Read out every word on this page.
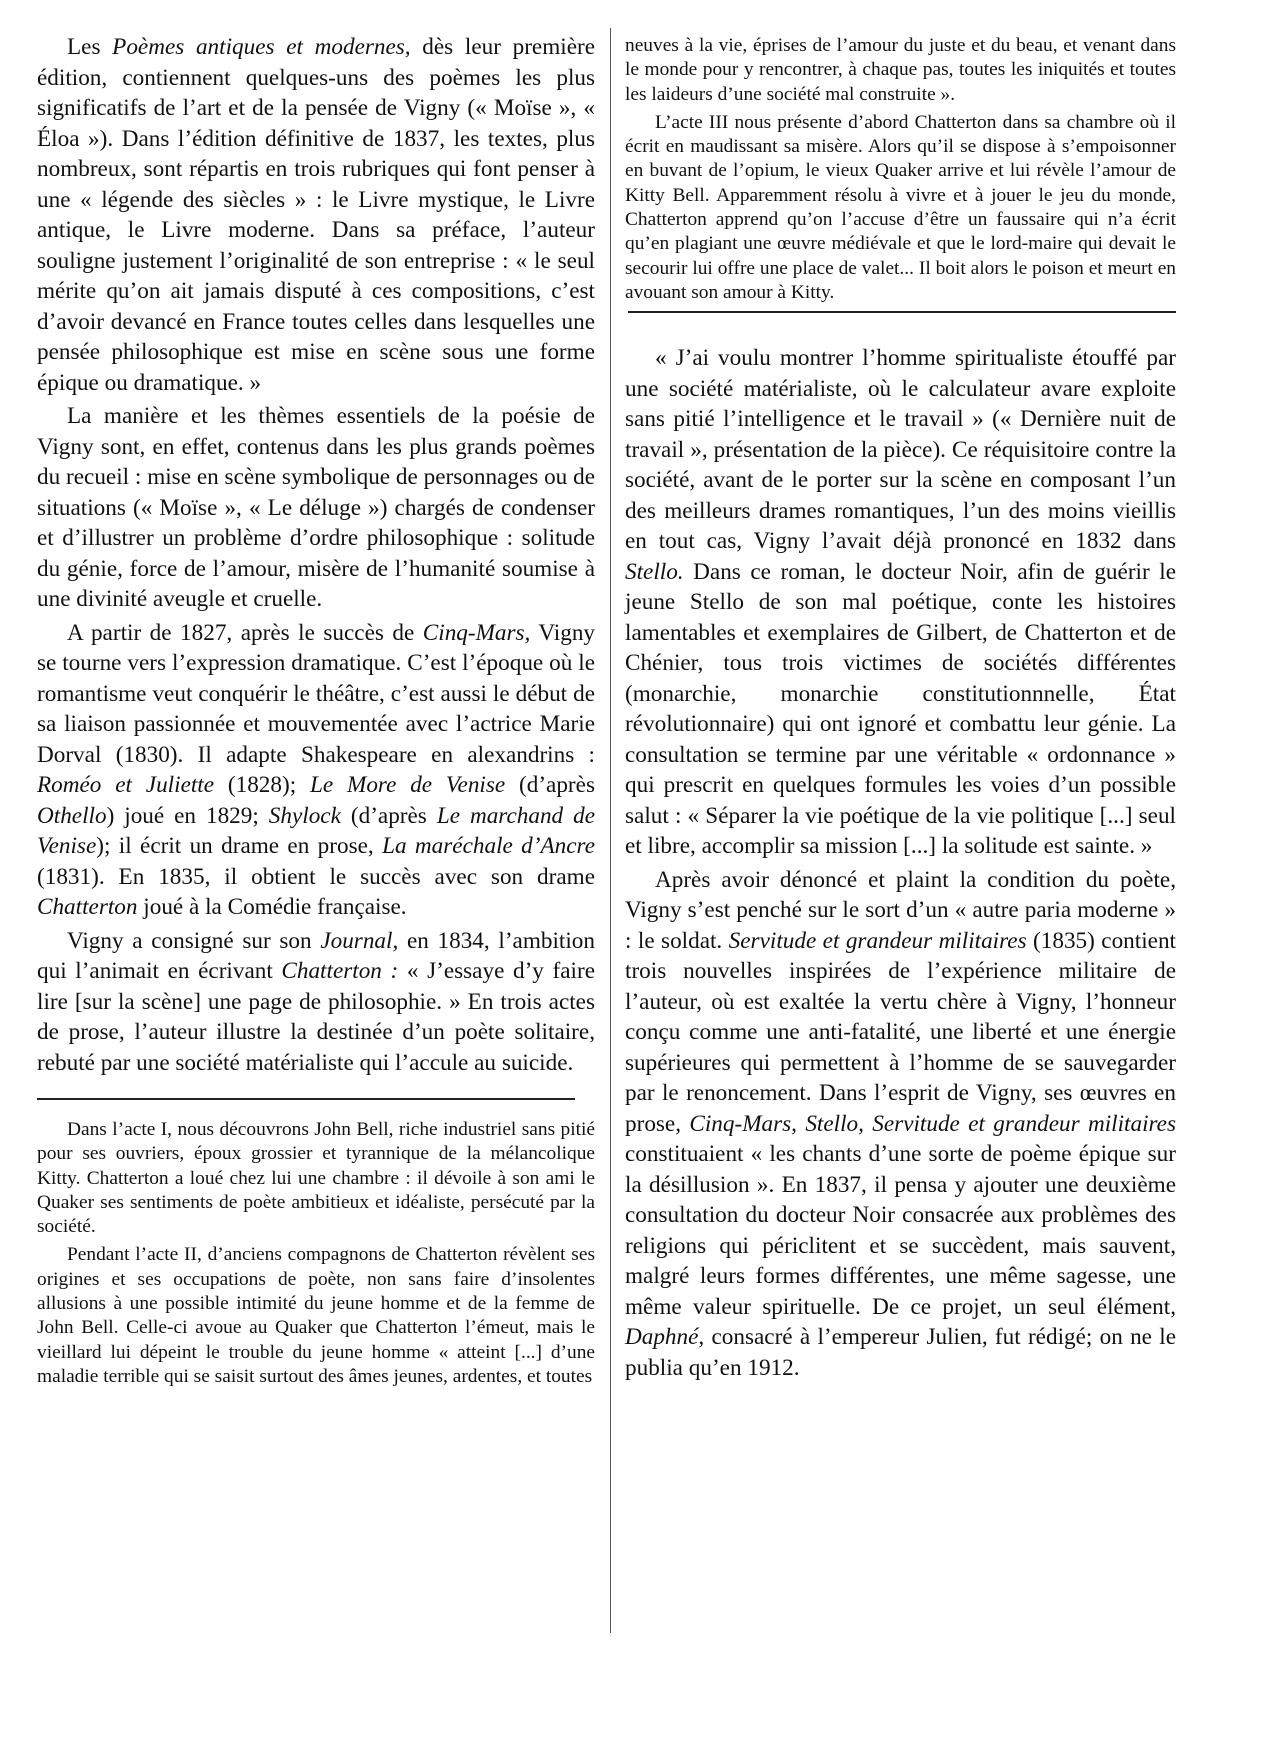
Les Poèmes antiques et modernes, dès leur première édition, contiennent quelques-uns des poèmes les plus significatifs de l’art et de la pensée de Vigny (« Moïse », « Éloa »). Dans l’édition définitive de 1837, les textes, plus nombreux, sont répartis en trois rubriques qui font penser à une « légende des siècles » : le Livre mystique, le Livre antique, le Livre moderne. Dans sa préface, l’auteur souligne justement l’originalité de son entreprise : « le seul mérite qu’on ait jamais disputé à ces compositions, c’est d’avoir devancé en France toutes celles dans lesquelles une pensée philosophique est mise en scène sous une forme épique ou dramatique. »

La manière et les thèmes essentiels de la poésie de Vigny sont, en effet, contenus dans les plus grands poèmes du recueil : mise en scène symbolique de personnages ou de situations (« Moïse », « Le déluge ») chargés de condenser et d’illustrer un problème d’ordre philosophique : solitude du génie, force de l’amour, misère de l’humanité soumise à une divinité aveugle et cruelle.

A partir de 1827, après le succès de Cinq-Mars, Vigny se tourne vers l’expression dramatique. C’est l’époque où le romantisme veut conquérir le théâtre, c’est aussi le début de sa liaison passionnée et mouvementée avec l’actrice Marie Dorval (1830). Il adapte Shakespeare en alexandrins : Roméo et Juliette (1828); Le More de Venise (d’après Othello) joué en 1829; Shylock (d’après Le marchand de Venise); il écrit un drame en prose, La maréchale d’Ancre (1831). En 1835, il obtient le succès avec son drame Chatterton joué à la Comédie française.

Vigny a consigné sur son Journal, en 1834, l’ambition qui l’animait en écrivant Chatterton : « J’essaye d’y faire lire [sur la scène] une page de philosophie. » En trois actes de prose, l’auteur illustre la destinée d’un poète solitaire, rebuté par une société matérialiste qui l’accule au suicide.

Dans l’acte I, nous découvrons John Bell, riche industriel sans pitié pour ses ouvriers, époux grossier et tyrannique de la mélancolique Kitty. Chatterton a loué chez lui une chambre : il dévoile à son ami le Quaker ses sentiments de poète ambitieux et idéaliste, persécuté par la société.

Pendant l’acte II, d’anciens compagnons de Chatterton révèlent ses origines et ses occupations de poète, non sans faire d’insolentes allusions à une possible intimité du jeune homme et de la femme de John Bell. Celle-ci avoue au Quaker que Chatterton l’émeut, mais le vieillard lui dépeint le trouble du jeune homme « atteint [...] d’une maladie terrible qui se saisit surtout des âmes jeunes, ardentes, et toutes

neuves à la vie, éprises de l’amour du juste et du beau, et venant dans le monde pour y rencontrer, à chaque pas, toutes les iniquités et toutes les laideurs d’une société mal construite ».

L’acte III nous présente d’abord Chatterton dans sa chambre où il écrit en maudissant sa misère. Alors qu’il se dispose à s’empoisonner en buvant de l’opium, le vieux Quaker arrive et lui révèle l’amour de Kitty Bell. Apparemment résolu à vivre et à jouer le jeu du monde, Chatterton apprend qu’on l’accuse d’être un faussaire qui n’a écrit qu’en plagiant une œuvre médiévale et que le lord-maire qui devait le secourir lui offre une place de valet... Il boit alors le poison et meurt en avouant son amour à Kitty.

« J’ai voulu montrer l’homme spiritualiste étouffé par une société matérialiste, où le calculateur avare exploite sans pitié l’intelligence et le travail » (« Dernière nuit de travail », présentation de la pièce). Ce réquisitoire contre la société, avant de le porter sur la scène en composant l’un des meilleurs drames romantiques, l’un des moins vieillis en tout cas, Vigny l’avait déjà prononcé en 1832 dans Stello. Dans ce roman, le docteur Noir, afin de guérir le jeune Stello de son mal poétique, conte les histoires lamentables et exemplaires de Gilbert, de Chatterton et de Chénier, tous trois victimes de sociétés différentes (monarchie, monarchie constitutionnnelle, État révolutionnaire) qui ont ignoré et combattu leur génie. La consultation se termine par une véritable « ordonnance » qui prescrit en quelques formules les voies d’un possible salut : « Séparer la vie poétique de la vie politique [...] seul et libre, accomplir sa mission [...] la solitude est sainte. »

Après avoir dénoncé et plaint la condition du poète, Vigny s’est penché sur le sort d’un « autre paria moderne » : le soldat. Servitude et grandeur militaires (1835) contient trois nouvelles inspirées de l’expérience militaire de l’auteur, où est exaltée la vertu chère à Vigny, l’honneur conçu comme une anti-fatalité, une liberté et une énergie supérieures qui permettent à l’homme de se sauvegarder par le renoncement. Dans l’esprit de Vigny, ses œuvres en prose, Cinq-Mars, Stello, Servitude et grandeur militaires constituaient « les chants d’une sorte de poème épique sur la désillusion ». En 1837, il pensa y ajouter une deuxième consultation du docteur Noir consacrée aux problèmes des religions qui périclitent et se succèdent, mais sauvent, malgré leurs formes différentes, une même sagesse, une même valeur spirituelle. De ce projet, un seul élément, Daphné, consacré à l’empereur Julien, fut rédigé; on ne le publia qu’en 1912.
